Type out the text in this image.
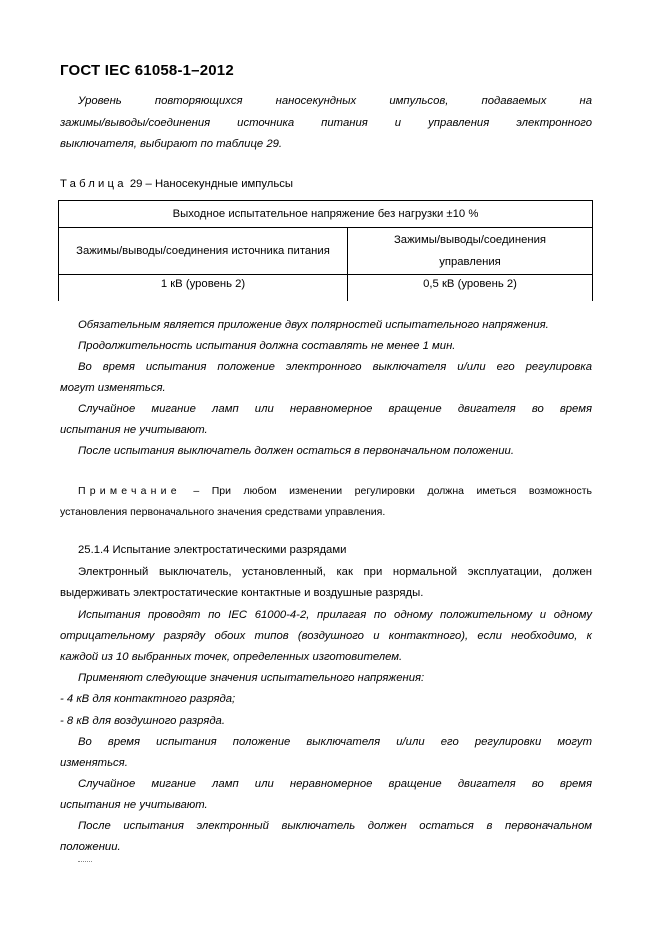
ГОСТ IEC 61058-1–2012
Уровень повторяющихся наносекундных импульсов, подаваемых на
зажимы/выводы/соединения источника питания и управления электронного
выключателя, выбирают по таблице 29.
Таблица 29 – Наносекундные импульсы
Выходное испытательное напряжение без нагрузки ±10 %	
Зажимы/выводы/соединения источника питания	Зажимы/выводы/соединения
управления

1 кВ (уровень 2)	0,5 кВ (уровень 2)
Обязательным является приложение двух полярностей испытательного напряжения.
Продолжительность испытания должна составлять не менее 1 мин.
Во время испытания положение электронного выключателя и/или его регулировка
могут изменяться.
Случайное мигание ламп или неравномерное вращение двигателя во время
испытания не учитывают.
После испытания выключатель должен остаться в первоначальном положении.
Примечание – При любом изменении регулировки должна иметься возможность
установления первоначального значения средствами управления.
25.1.4 Испытание электростатическими разрядами
Электронный выключатель, установленный, как при нормальной эксплуатации, должен
выдерживать электростатические контактные и воздушные разряды.
Испытания проводят по IEC 61000-4-2, прилагая по одному положительному и одному
отрицательному разряду обоих типов (воздушного и контактного), если необходимо, к
каждой из 10 выбранных точек, определенных изготовителем.
Применяют следующие значения испытательного напряжения:
- 4 кВ для контактного разряда;
- 8 кВ для воздушного разряда.
Во время испытания положение выключателя и/или его регулировки могут
изменяться.
Случайное мигание ламп или неравномерное вращение двигателя во время
испытания не учитывают.
После испытания электронный выключатель должен остаться в первоначальном
положении.
